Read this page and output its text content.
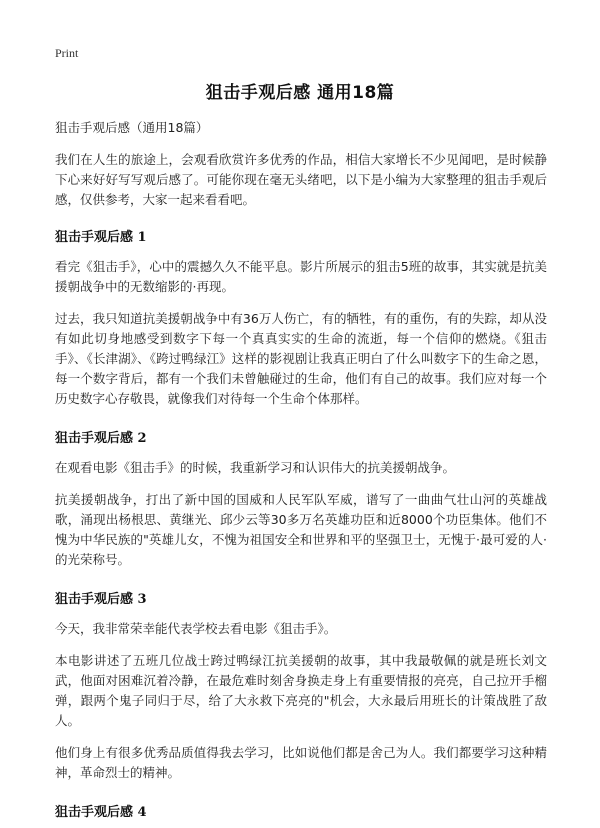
Print
狙击手观后感 通用18篇
狙击手观后感（通用18篇）

我们在人生的旅途上，会观看欣赏许多优秀的作品，相信大家增长不少见闻吧，是时候静下心来好好写写观后感了。可能你现在毫无头绪吧，以下是小编为大家整理的狙击手观后感，仅供参考，大家一起来看看吧。

狙击手观后感 1

看完《狙击手》，心中的震撼久久不能平息。影片所展示的狙击5班的故事，其实就是抗美援朝战争中的无数缩影的·再现。

过去，我只知道抗美援朝战争中有36万人伤亡，有的牺牲，有的重伤，有的失踪，却从没有如此切身地感受到数字下每一个真真实实的生命的流逝，每一个信仰的燃烧。《狙击手》、《长津湖》、《跨过鸭绿江》这样的影视剧让我真正明白了什么叫数字下的生命之恩，每一个数字背后，都有一个我们未曾触碰过的生命，他们有自己的故事。我们应对每一个历史数字心存敬畏，就像我们对待每一个生命个体那样。

狙击手观后感 2

在观看电影《狙击手》的时候，我重新学习和认识伟大的抗美援朝战争。

抗美援朝战争，打出了新中国的国威和人民军队军威，谱写了一曲曲气壮山河的英雄战歌，涌现出杨根思、黄继光、邱少云等30多万名英雄功臣和近8000个功臣集体。他们不愧为中华民族的"英雄儿女，不愧为祖国安全和世界和平的坚强卫士，无愧于·最可爱的人·的光荣称号。

狙击手观后感 3

今天，我非常荣幸能代表学校去看电影《狙击手》。

本电影讲述了五班几位战士跨过鸭绿江抗美援朝的故事，其中我最敬佩的就是班长刘文武，他面对困难沉着冷静，在最危难时刻舍身换走身上有重要情报的亮亮，自己拉开手榴弹，跟两个鬼子同归于尽，给了大永救下亮亮的"机会，大永最后用班长的计策战胜了敌人。

他们身上有很多优秀品质值得我去学习，比如说他们都是舍己为人。我们都要学习这种精神，革命烈士的精神。

狙击手观后感 4
